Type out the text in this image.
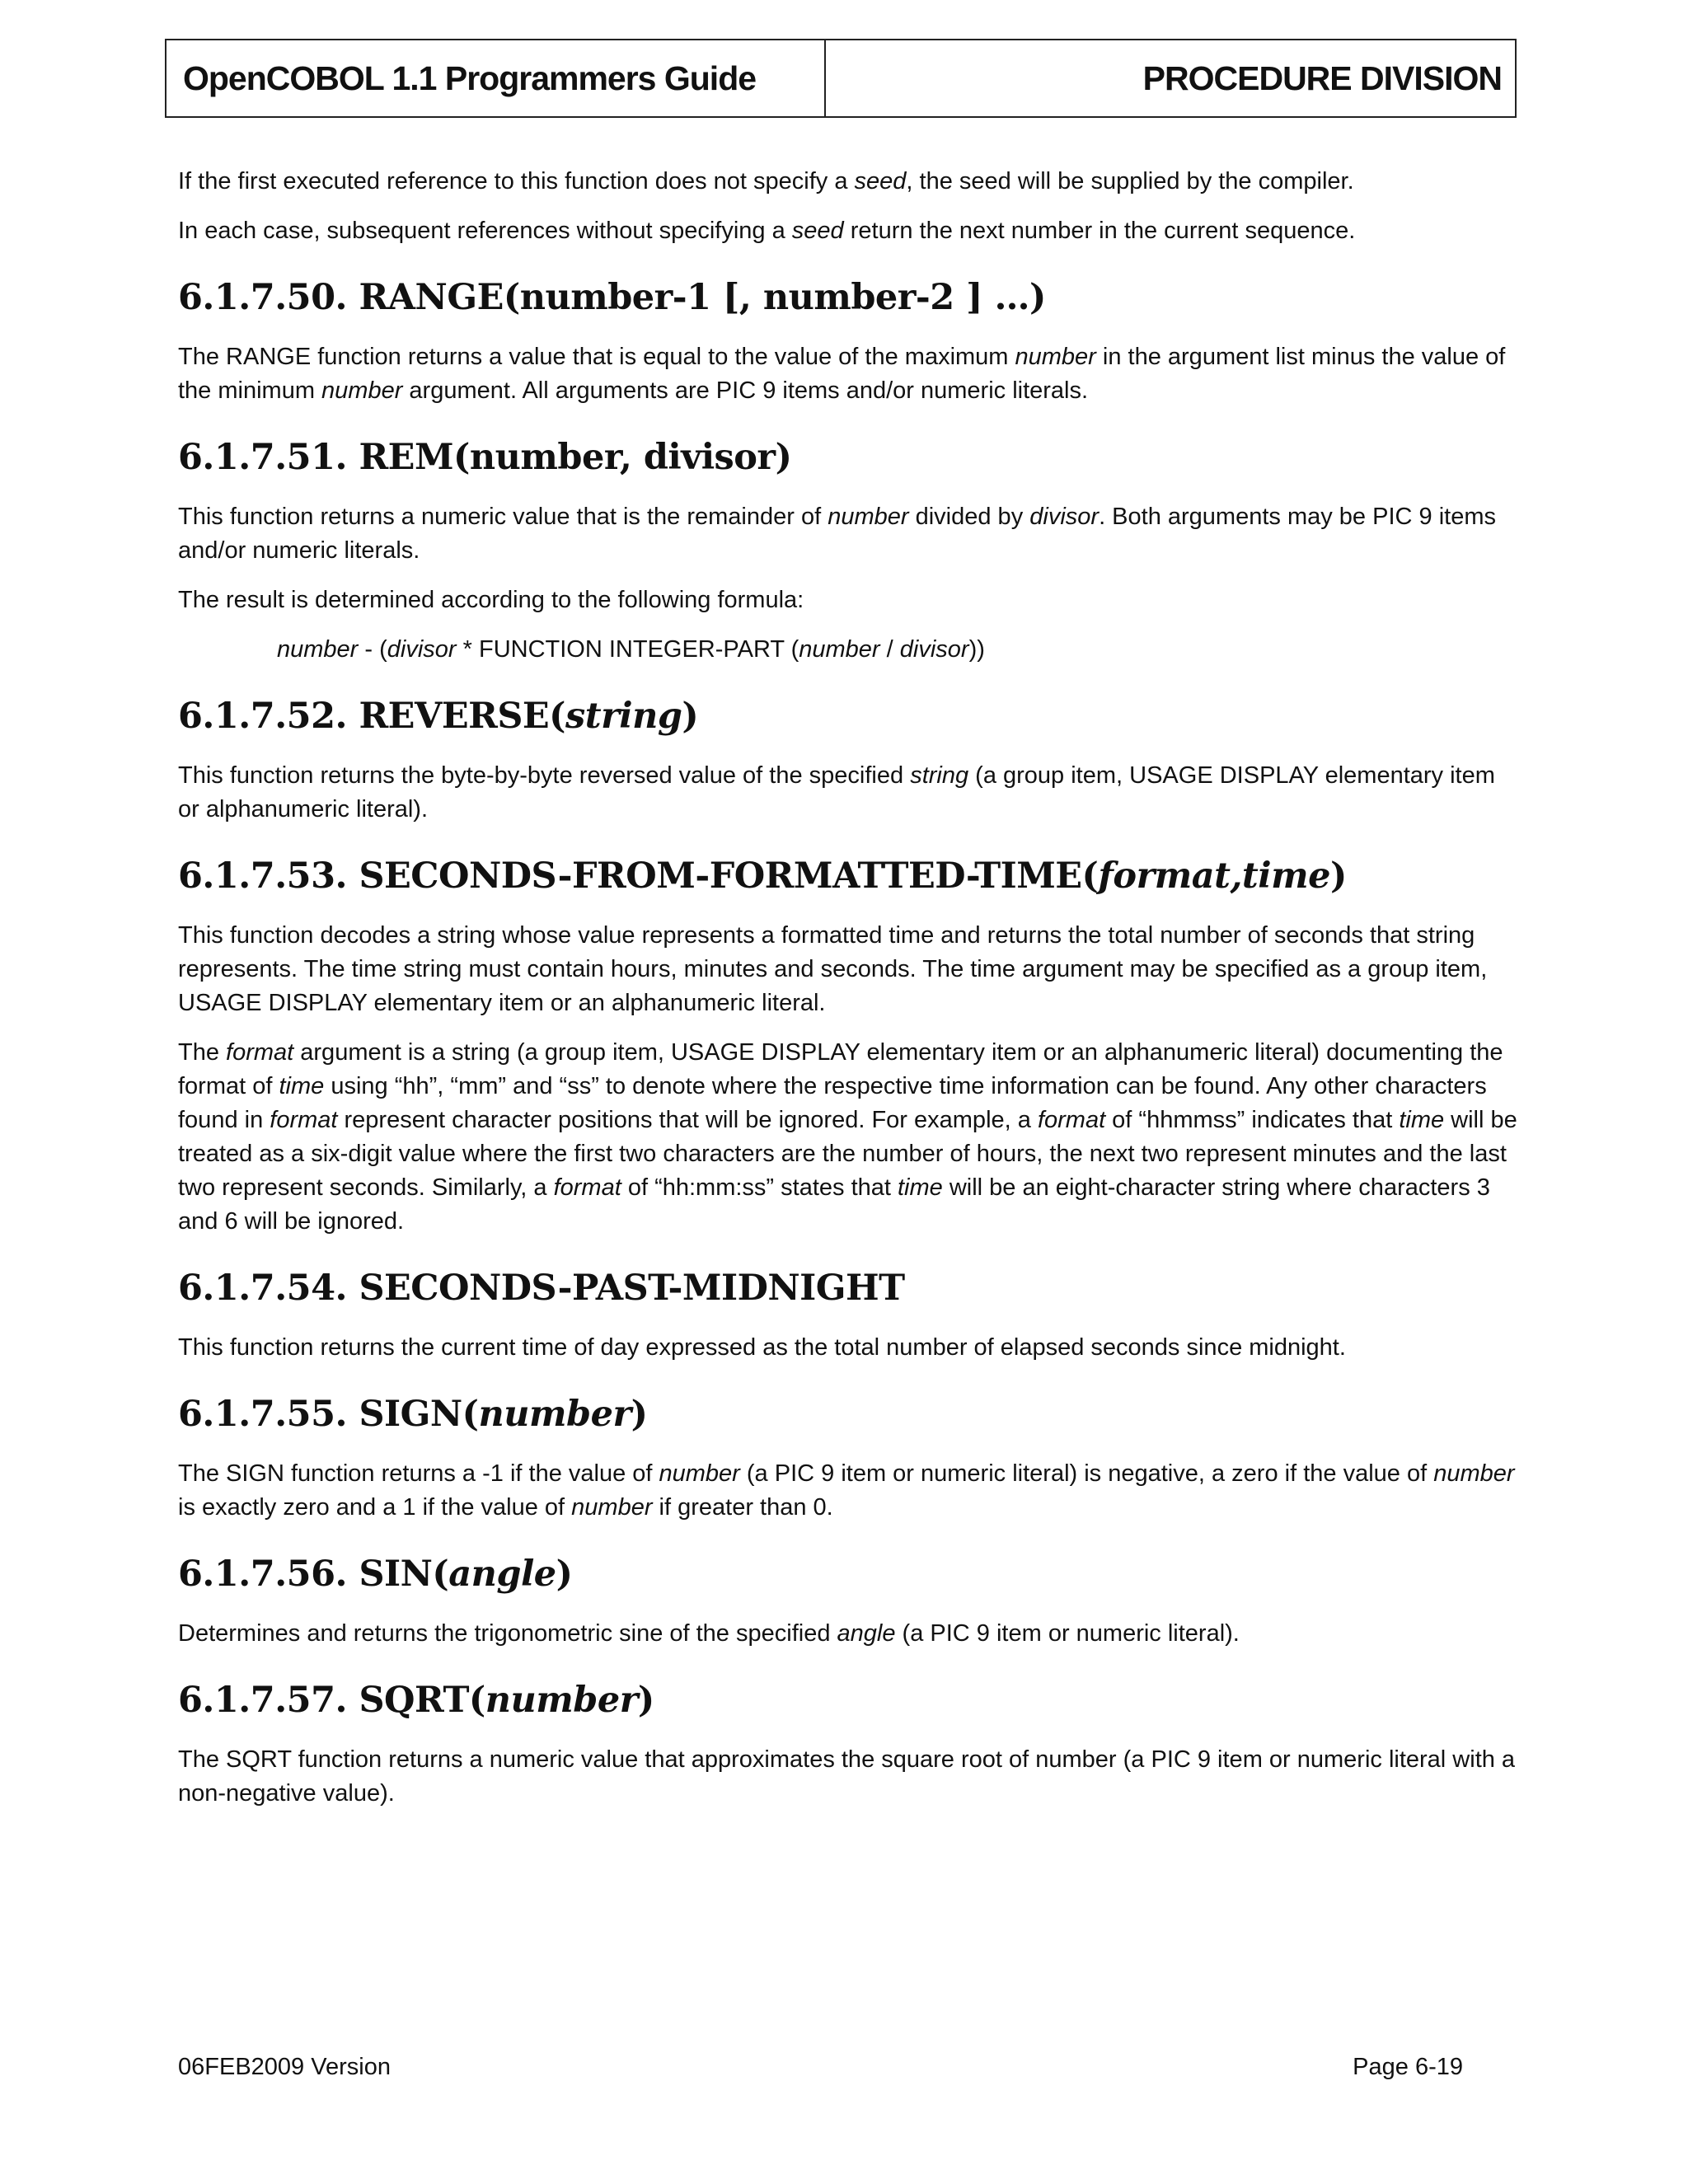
OpenCOBOL 1.1 Programmers Guide	PROCEDURE DIVISION

If the first executed reference to this function does not specify a seed, the seed will be supplied by the compiler.

In each case, subsequent references without specifying a seed return the next number in the current sequence.

6.1.7.50. RANGE(number-1 [, number-2 ] …)

The RANGE function returns a value that is equal to the value of the maximum number in the argument list minus the value of the minimum number argument. All arguments are PIC 9 items and/or numeric literals.

6.1.7.51. REM(number, divisor)

This function returns a numeric value that is the remainder of number divided by divisor. Both arguments may be PIC 9 items and/or numeric literals.

The result is determined according to the following formula:

number - (divisor * FUNCTION INTEGER-PART (number / divisor))

6.1.7.52. REVERSE(string)

This function returns the byte-by-byte reversed value of the specified string (a group item, USAGE DISPLAY elementary item or alphanumeric literal).

6.1.7.53. SECONDS-FROM-FORMATTED-TIME(format,time)

This function decodes a string whose value represents a formatted time and returns the total number of seconds that string represents. The time string must contain hours, minutes and seconds. The time argument may be specified as a group item, USAGE DISPLAY elementary item or an alphanumeric literal.

The format argument is a string (a group item, USAGE DISPLAY elementary item or an alphanumeric literal) documenting the format of time using “hh”, “mm” and “ss” to denote where the respective time information can be found. Any other characters found in format represent character positions that will be ignored. For example, a format of “hhmmss” indicates that time will be treated as a six-digit value where the first two characters are the number of hours, the next two represent minutes and the last two represent seconds. Similarly, a format of “hh:mm:ss” states that time will be an eight-character string where characters 3 and 6 will be ignored.

6.1.7.54. SECONDS-PAST-MIDNIGHT

This function returns the current time of day expressed as the total number of elapsed seconds since midnight.

6.1.7.55. SIGN(number)

The SIGN function returns a -1 if the value of number (a PIC 9 item or numeric literal) is negative, a zero if the value of number is exactly zero and a 1 if the value of number if greater than 0.

6.1.7.56. SIN(angle)

Determines and returns the trigonometric sine of the specified angle (a PIC 9 item or numeric literal).

6.1.7.57. SQRT(number)

The SQRT function returns a numeric value that approximates the square root of number (a PIC 9 item or numeric literal with a non-negative value).

06FEB2009 Version	Page 6-19
